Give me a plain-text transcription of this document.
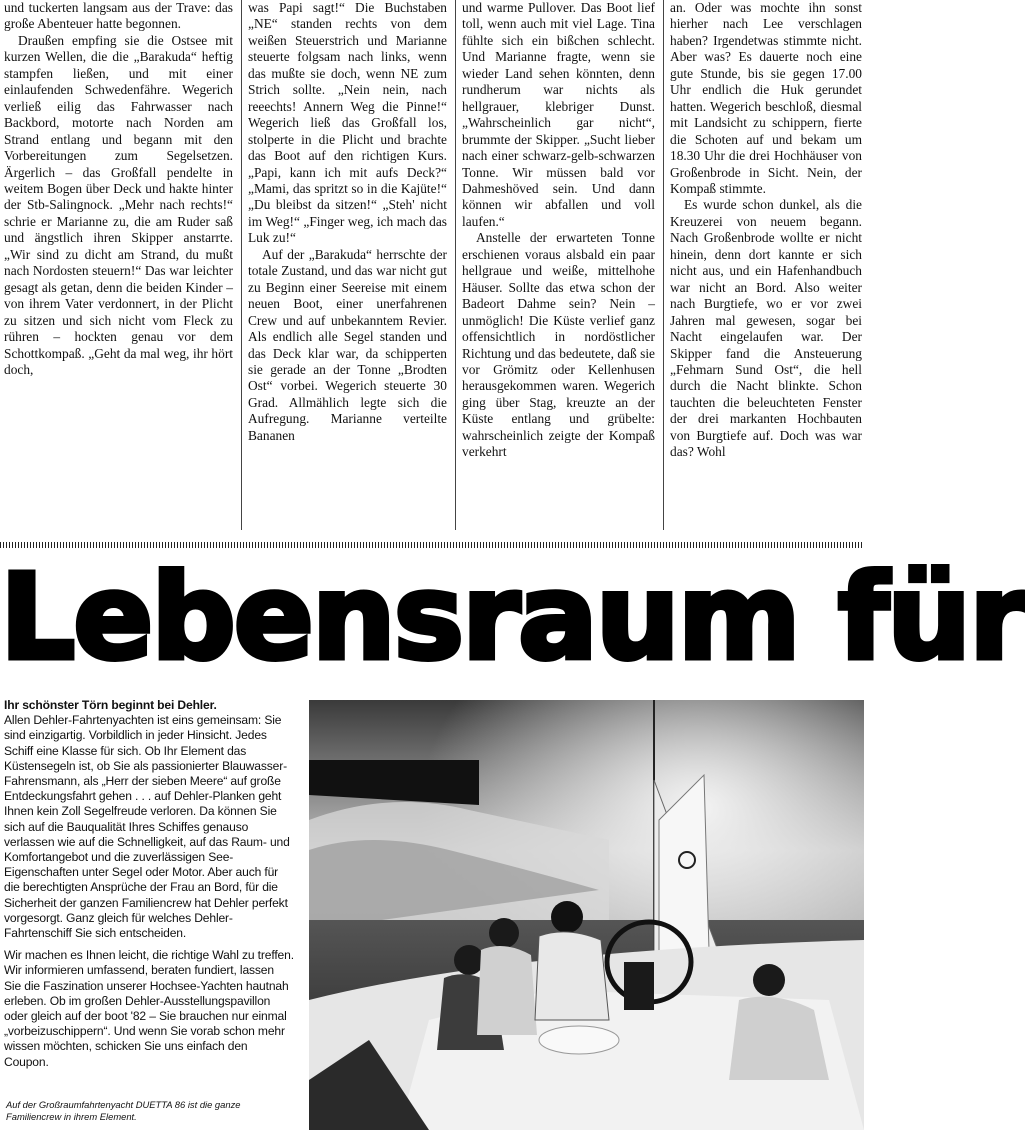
und tuckerten langsam aus der Trave: das große Abenteuer hatte begonnen.

Draußen empfing sie die Ostsee mit kurzen Wellen, die die „Barakuda“ heftig stampfen ließen, und mit einer einlaufenden Schwedenfähre. Wegerich verließ eilig das Fahrwasser nach Backbord, motorte nach Norden am Strand entlang und begann mit den Vorbereitungen zum Segelsetzen. Ärgerlich – das Großfall pendelte in weitem Bogen über Deck und hakte hinter der Stb-Salingnock. „Mehr nach rechts!“ schrie er Marianne zu, die am Ruder saß und ängstlich ihren Skipper anstarrte. „Wir sind zu dicht am Strand, du mußt nach Nordosten steuern!“ Das war leichter gesagt als getan, denn die beiden Kinder – von ihrem Vater verdonnert, in der Plicht zu sitzen und sich nicht vom Fleck zu rühren – hockten genau vor dem Schottkompaß. „Geht da mal weg, ihr hört doch,

was Papi sagt!“ Die Buchstaben „NE“ standen rechts von dem weißen Steuerstrich und Marianne steuerte folgsam nach links, wenn das mußte sie doch, wenn NE zum Strich sollte. „Nein nein, nach reeechts! Annern Weg die Pinne!“ Wegerich ließ das Großfall los, stolperte in die Plicht und brachte das Boot auf den richtigen Kurs. „Papi, kann ich mit aufs Deck?“ „Mami, das spritzt so in die Kajüte!“ „Du bleibst da sitzen!“ „Steh' nicht im Weg!“ „Finger weg, ich mach das Luk zu!“

Auf der „Barakuda“ herrschte der totale Zustand, und das war nicht gut zu Beginn einer Seereise mit einem neuen Boot, einer unerfahrenen Crew und auf unbekanntem Revier. Als endlich alle Segel standen und das Deck klar war, da schipperten sie gerade an der Tonne „Brodten Ost“ vorbei. Wegerich steuerte 30 Grad. Allmählich legte sich die Aufregung. Marianne verteilte Bananen

und warme Pullover. Das Boot lief toll, wenn auch mit viel Lage. Tina fühlte sich ein bißchen schlecht. Und Marianne fragte, wenn sie wieder Land sehen könnten, denn rundherum war nichts als hellgrauer, klebriger Dunst. „Wahrscheinlich gar nicht“, brummte der Skipper. „Sucht lieber nach einer schwarz-gelb-schwarzen Tonne. Wir müssen bald vor Dahmeshöved sein. Und dann können wir abfallen und voll laufen.“

Anstelle der erwarteten Tonne erschienen voraus alsbald ein paar hellgraue und weiße, mittelhohe Häuser. Sollte das etwa schon der Badeort Dahme sein? Nein – unmöglich! Die Küste verlief ganz offensichtlich in nordöstlicher Richtung und das bedeutete, daß sie vor Grömitz oder Kellenhusen herausgekommen waren. Wegerich ging über Stag, kreuzte an der Küste entlang und grübelte: wahrscheinlich zeigte der Kompaß verkehrt

an. Oder was mochte ihn sonst hierher nach Lee verschlagen haben? Irgendetwas stimmte nicht. Aber was? Es dauerte noch eine gute Stunde, bis sie gegen 17.00 Uhr endlich die Huk gerundet hatten. Wegerich beschloß, diesmal mit Landsicht zu schippern, fierte die Schoten auf und bekam um 18.30 Uhr die drei Hochhäuser von Großenbrode in Sicht. Nein, der Kompaß stimmte.

Es wurde schon dunkel, als die Kreuzerei von neuem begann. Nach Großenbrode wollte er nicht hinein, denn dort kannte er sich nicht aus, und ein Hafenhandbuch war nicht an Bord. Also weiter nach Burgtiefe, wo er vor zwei Jahren mal gewesen, sogar bei Nacht eingelaufen war. Der Skipper fand die Ansteuerung „Fehmarn Sund Ost“, die hell durch die Nacht blinkte. Schon tauchten die beleuchteten Fenster der drei markanten Hochbauten von Burgtiefe auf. Doch was war das? Wohl

Lebensraum für

Ihr schönster Törn beginnt bei Dehler.
Allen Dehler-Fahrtenyachten ist eins gemeinsam: Sie sind einzigartig. Vorbildlich in jeder Hinsicht. Jedes Schiff eine Klasse für sich. Ob Ihr Element das Küstensegeln ist, ob Sie als passionierter Blauwasser-Fahrensmann, als „Herr der sieben Meere“ auf große Entdeckungsfahrt gehen . . . auf Dehler-Planken geht Ihnen kein Zoll Segelfreude verloren. Da können Sie sich auf die Bauqualität Ihres Schiffes genauso verlassen wie auf die Schnelligkeit, auf das Raum- und Komfortangebot und die zuverlässigen See-Eigenschaften unter Segel oder Motor. Aber auch für die berechtigten Ansprüche der Frau an Bord, für die Sicherheit der ganzen Familiencrew hat Dehler perfekt vorgesorgt. Ganz gleich für welches Dehler-Fahrtenschiff Sie sich entscheiden.

Wir machen es Ihnen leicht, die richtige Wahl zu treffen. Wir informieren umfassend, beraten fundiert, lassen Sie die Faszination unserer Hochsee-Yachten hautnah erleben. Ob im großen Dehler-Ausstellungspavillon oder gleich auf der boot '82 – Sie brauchen nur einmal „vorbeizuschippern“. Und wenn Sie vorab schon mehr wissen möchten, schicken Sie uns einfach den Coupon.

Auf der Großraumfahrtenyacht DUETTA 86 ist die ganze Familiencrew in ihrem Element.
